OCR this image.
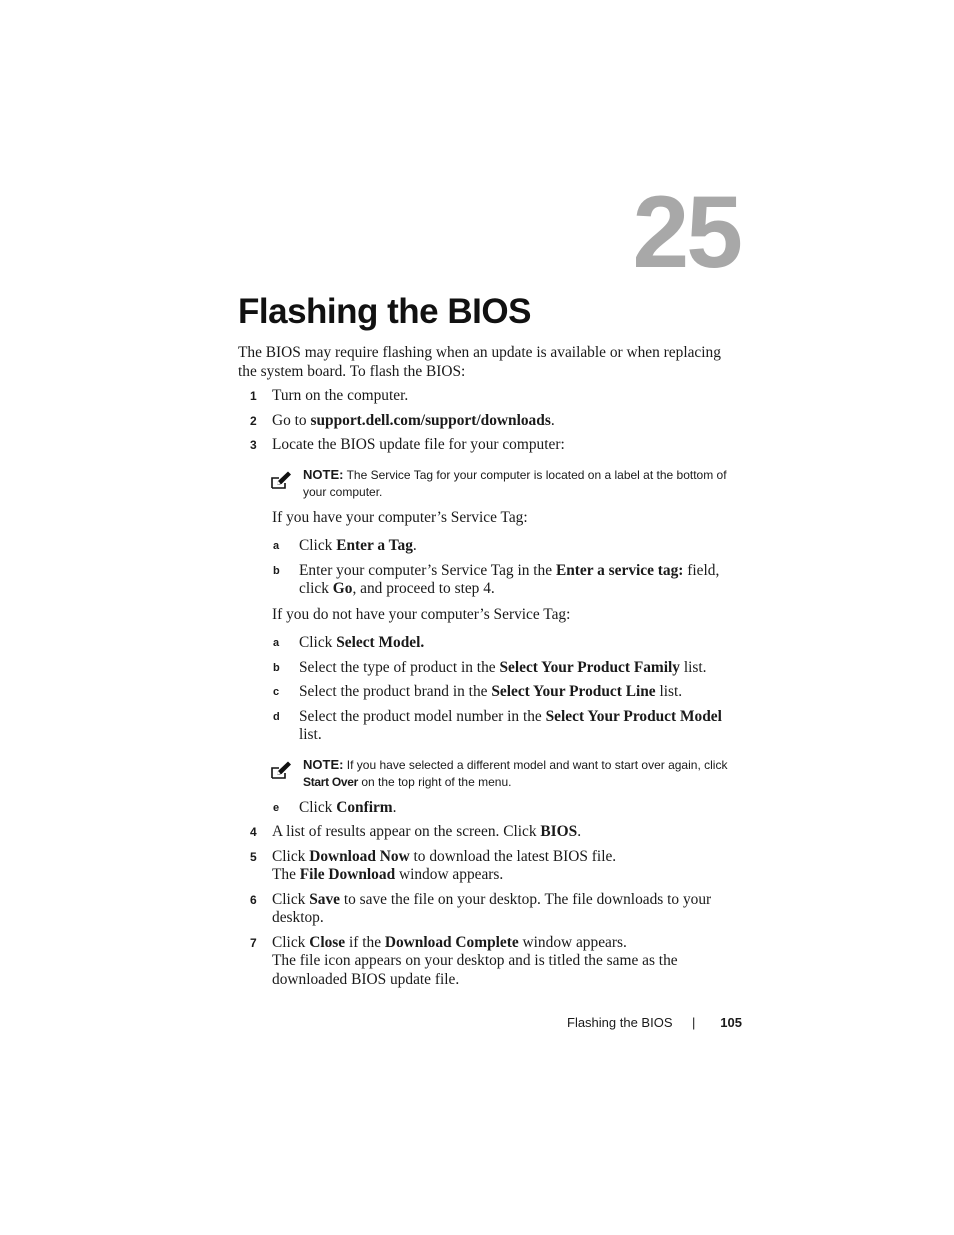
25
Flashing the BIOS

The BIOS may require flashing when an update is available or when replacing the system board. To flash the BIOS:

1 Turn on the computer.
2 Go to support.dell.com/support/downloads.
3 Locate the BIOS update file for your computer:
NOTE: The Service Tag for your computer is located on a label at the bottom of your computer.
If you have your computer’s Service Tag:
a Click Enter a Tag.
b Enter your computer’s Service Tag in the Enter a service tag: field, click Go, and proceed to step 4.
If you do not have your computer’s Service Tag:
a Click Select Model.
b Select the type of product in the Select Your Product Family list.
c Select the product brand in the Select Your Product Line list.
d Select the product model number in the Select Your Product Model list.
NOTE: If you have selected a different model and want to start over again, click Start Over on the top right of the menu.
e Click Confirm.
4 A list of results appear on the screen. Click BIOS.
5 Click Download Now to download the latest BIOS file.
The File Download window appears.
6 Click Save to save the file on your desktop. The file downloads to your desktop.
7 Click Close if the Download Complete window appears.
The file icon appears on your desktop and is titled the same as the downloaded BIOS update file.
Flashing the BIOS | 105
